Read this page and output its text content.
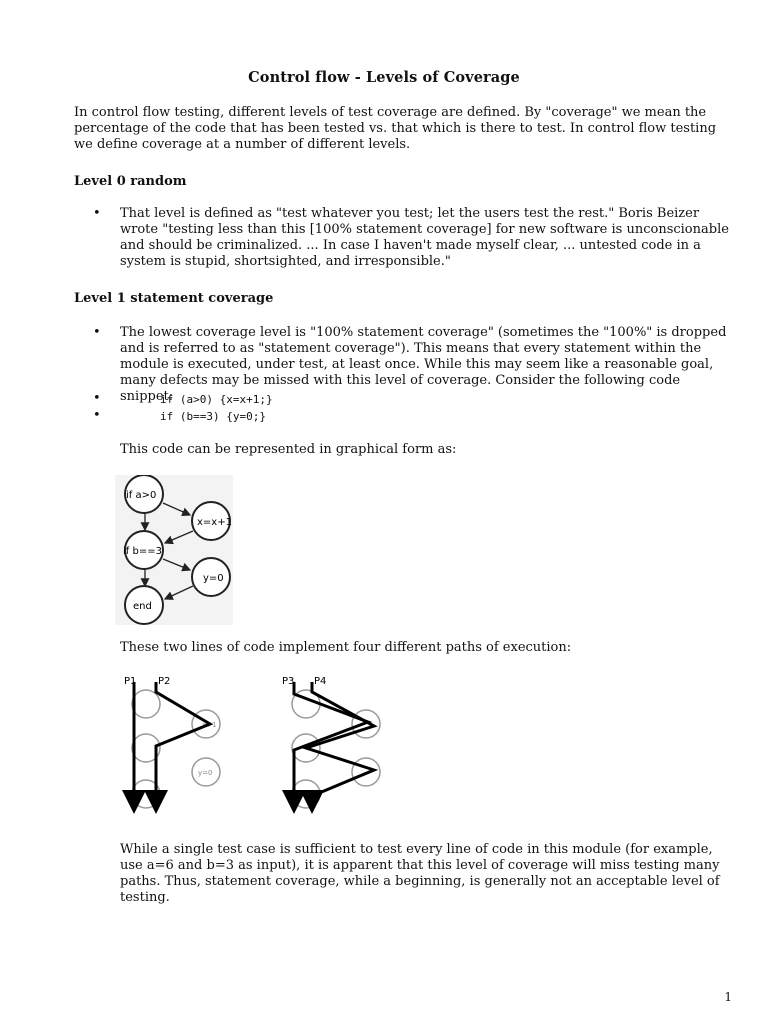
Control flow - Levels of Coverage

In control flow testing, different levels of test coverage are defined. By "coverage" we mean the percentage of the code that has been tested vs. that which is there to test. In control flow testing we define coverage at a number of different levels.

Level 0 random
• That level is defined as "test whatever you test; let the users test the rest." Boris Beizer wrote "testing less than this [100% statement coverage] for new software is unconscionable and should be criminalized. ... In case I haven't made myself clear, ... untested code in a system is stupid, shortsighted, and irresponsible."

Level 1 statement coverage
• The lowest coverage level is "100% statement coverage" (sometimes the "100%" is dropped and is referred to as "statement coverage"). This means that every statement within the module is executed, under test, at least once. While this may seem like a reasonable goal, many defects may be missed with this level of coverage. Consider the following code snippet:

•	if (a>0) {x=x+1;}
•	if (b==3) {y=0;}

This code can be represented in graphical form as:

if a>0
x=x+1
if b==3
y=0
end

These two lines of code implement four different paths of execution:

x+1
y=0
P1 P2	P3 P4

While a single test case is sufficient to test every line of code in this module (for example, use a=6 and b=3 as input), it is apparent that this level of coverage will miss testing many paths. Thus, statement coverage, while a beginning, is generally not an acceptable level of testing.

1
